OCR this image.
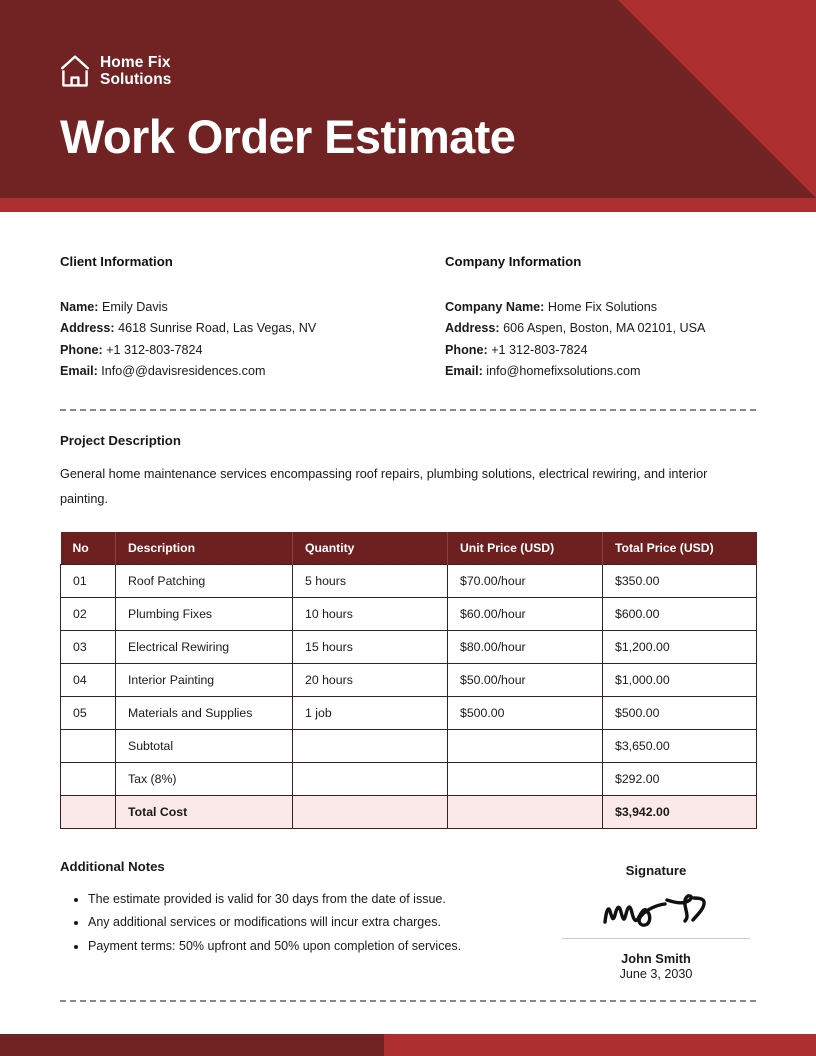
Home Fix
Solutions
Work Order Estimate
Client Information
Name: Emily Davis
Address: 4618 Sunrise Road, Las Vegas, NV
Phone: +1 312-803-7824
Email: Info@@davisresidences.com
Company Information
Company Name: Home Fix Solutions
Address: 606 Aspen, Boston, MA 02101, USA
Phone: +1 312-803-7824
Email: info@homefixsolutions.com
Project Description
General home maintenance services encompassing roof repairs, plumbing solutions, electrical rewiring, and interior painting.
No	Description	Quantity	Unit Price (USD)	Total Price (USD)
01	Roof Patching	5 hours	$70.00/hour	$350.00
02	Plumbing Fixes	10 hours	$60.00/hour	$600.00
03	Electrical Rewiring	15 hours	$80.00/hour	$1,200.00
04	Interior Painting	20 hours	$50.00/hour	$1,000.00
05	Materials and Supplies	1 job	$500.00	$500.00
	Subtotal			$3,650.00
	Tax (8%)			$292.00
	Total Cost			$3,942.00
Additional Notes
• The estimate provided is valid for 30 days from the date of issue.
• Any additional services or modifications will incur extra charges.
• Payment terms: 50% upfront and 50% upon completion of services.
Signature
John Smith
June 3, 2030
